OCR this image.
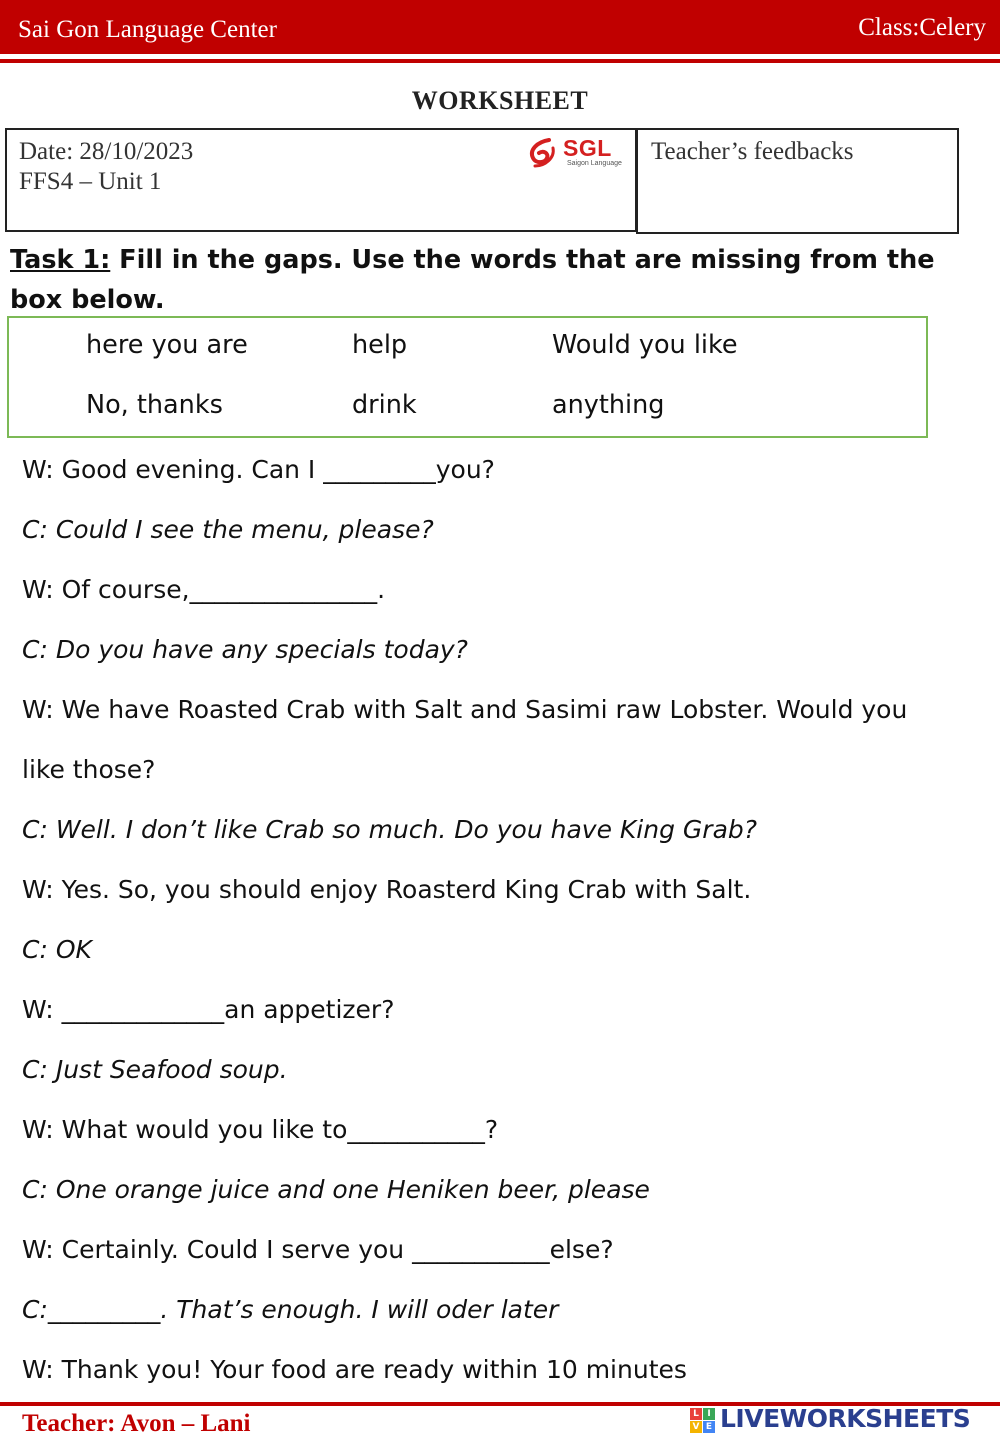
Sai Gon Language Center	Class:Celery
WORKSHEET
Date: 28/10/2023
FFS4 – Unit 1
SGL
Saigon Language Teacher’s feedbacks
Task 1: Fill in the gaps. Use the words that are missing from the box below.
here you are	help	Would you like
No, thanks	drink	anything
W: Good evening. Can I _________you?
C: Could I see the menu, please?
W: Of course,_______________.
C: Do you have any specials today?
W: We have Roasted Crab with Salt and Sasimi raw Lobster. Would you
like those?
C: Well. I don’t like Crab so much. Do you have King Grab?
W: Yes. So, you should enjoy Roasterd King Crab with Salt.
C: OK
W: _____________an appetizer?
C: Just Seafood soup.
W: What would you like to___________?
C: One orange juice and one Heniken beer, please
W: Certainly. Could I serve you ___________else?
C:_________. That’s enough. I will oder later
W: Thank you! Your food are ready within 10 minutes
Teacher: Avon – Lani	L I
V E LIVEWORKSHEETS
